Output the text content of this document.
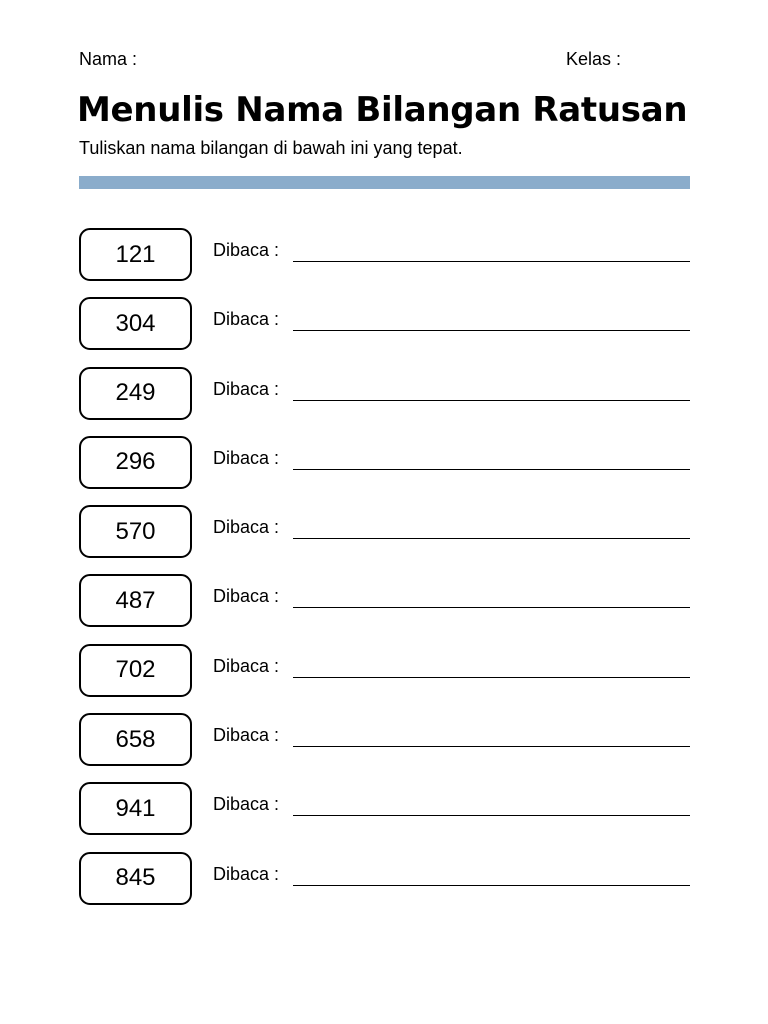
Nama :	Kelas :
Menulis Nama Bilangan Ratusan
Tuliskan nama bilangan di bawah ini yang tepat.
121	Dibaca :
304	Dibaca :
249	Dibaca :
296	Dibaca :
570	Dibaca :
487	Dibaca :
702	Dibaca :
658	Dibaca :
941	Dibaca :
845	Dibaca :
